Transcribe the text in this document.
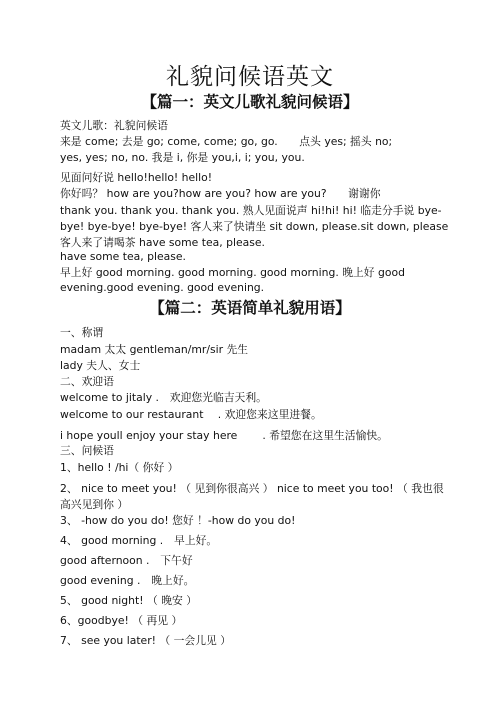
礼貌问候语英文
【篇一：英文儿歌礼貌问候语】
英文儿歌：礼貌问候语
来是 come; 去是 go; come, come; go, go.　　点头 yes; 摇头 no;
yes, yes; no, no. 我是 i, 你是 you,i, i; you, you.
见面问好说 hello!hello! hello!
你好吗？ how are you?how are you? how are you?　　谢谢你
thank you. thank you. thank you. 熟人见面说声 hi!hi! hi! 临走分手说 bye-
bye! bye-bye! bye-bye! 客人来了快请坐 sit down, please.sit down, please
客人来了请喝茶 have some tea, please.
have some tea, please.
早上好 good morning. good morning. good morning. 晚上好 good
evening.good evening. good evening.
【篇二：英语简单礼貌用语】
一、称谓
madam 太太 gentleman/mr/sir 先生
lady 夫人、女士
二、欢迎语
welcome to jitaly .　欢迎您光临吉天利。
welcome to our restaurant　 . 欢迎您来这里进餐。
i hope youll enjoy your stay here　　 . 希望您在这里生活愉快。
三、问候语
1、hello ! /hi（ 你好 ）
2、 nice to meet you! （ 见到你很高兴 ） nice to meet you too! （ 我也很
高兴见到你 ）
3、 -how do you do! 您好 ！-how do you do!
4、 good morning .　早上好。
good afternoon .　下午好
good evening .　晚上好。
5、 good night! （ 晚安 ）
6、goodbye! （ 再见 ）
7、 see you later! （ 一会儿见 ）
